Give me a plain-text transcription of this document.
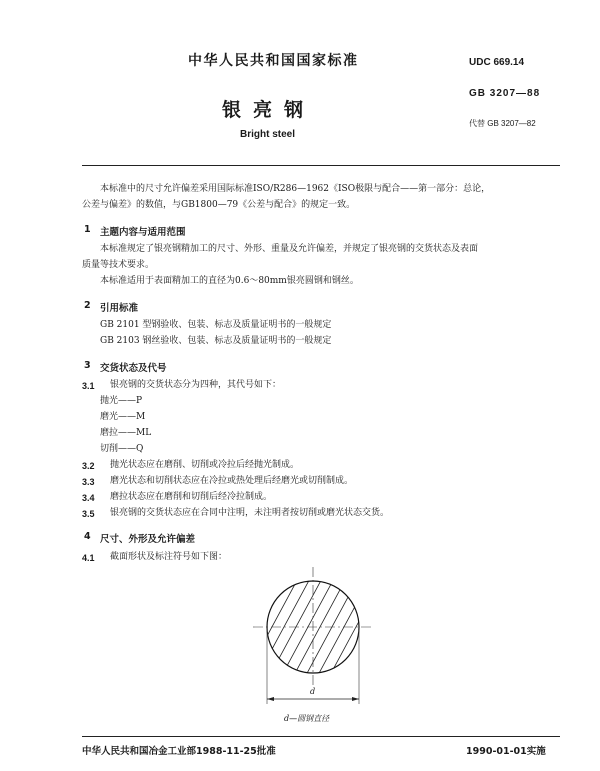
中华人民共和国国家标准	UDC 669.14
银亮钢
GB 3207—88
代替 GB 3207—82
Bright steel
本标准中的尺寸允许偏差采用国际标准ISO/R286—1962《ISO极限与配合——第一部分：总论，
公差与偏差》的数值，与GB1800—79《公差与配合》的规定一致。
1 主题内容与适用范围
本标准规定了银亮钢精加工的尺寸、外形、重量及允许偏差，并规定了银亮钢的交货状态及表面
质量等技术要求。
本标准适用于表面精加工的直径为0.6～80mm银亮圆钢和钢丝。
2 引用标准
GB 2101 型钢验收、包装、标志及质量证明书的一般规定
GB 2103 钢丝验收、包装、标志及质量证明书的一般规定
3 交货状态及代号
3.1 银亮钢的交货状态分为四种，其代号如下：
抛光——P
磨光——M
磨拉——ML
切削——Q
3.2 抛光状态应在磨削、切削或冷拉后经抛光制成。
3.3 磨光状态和切削状态应在冷拉或热处理后经磨光或切削制成。
3.4 磨拉状态应在磨削和切削后经冷拉制成。
3.5 银亮钢的交货状态应在合同中注明，未注明者按切削或磨光状态交货。
4 尺寸、外形及允许偏差
4.1 截面形状及标注符号如下图：
d
d—圆钢直径
中华人民共和国冶金工业部1988-11-25批准	1990-01-01实施
